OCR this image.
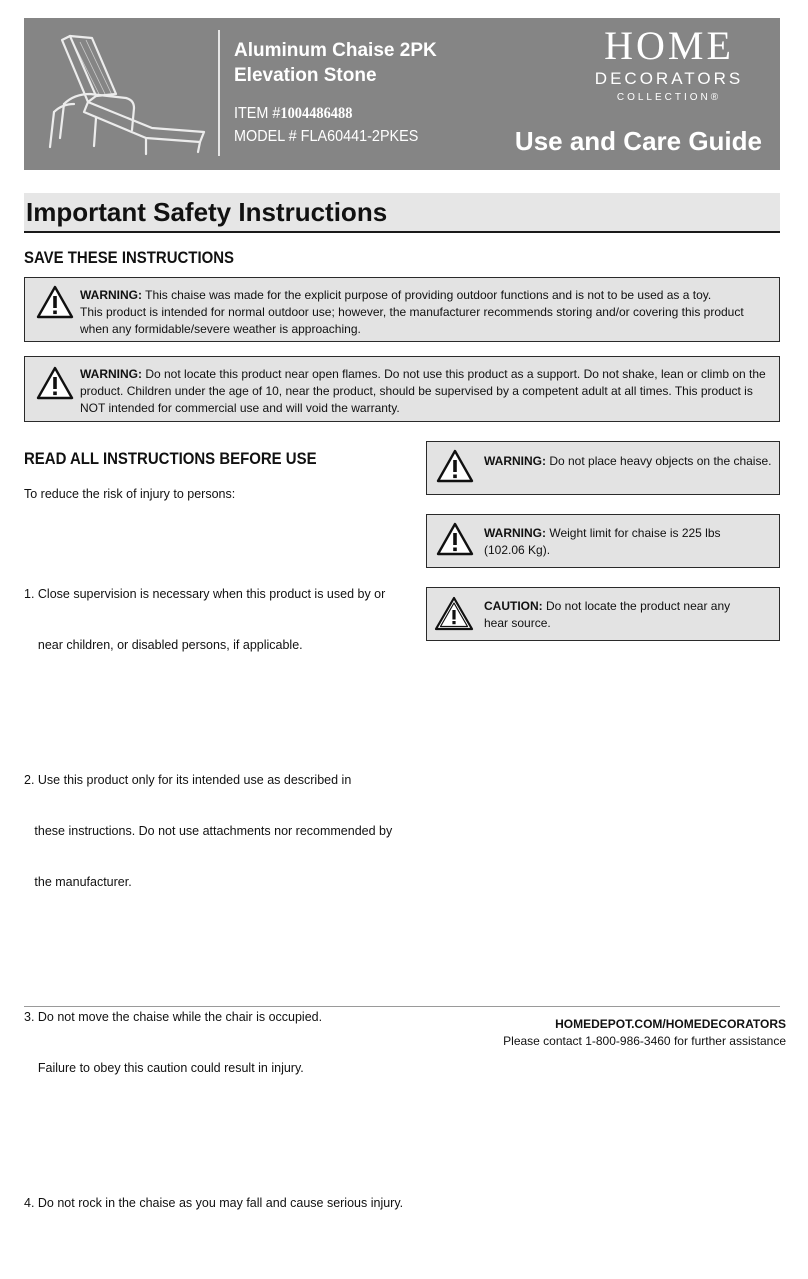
Aluminum Chaise 2PK
Elevation Stone
ITEM #1004486488
MODEL # FLA60441-2PKES
HOME
DECORATORS
COLLECTION®
Use and Care Guide
Important Safety Instructions
SAVE THESE INSTRUCTIONS
WARNING: This chaise was made for the explicit purpose of providing outdoor functions and is not to be used as a toy.
This product is intended for normal outdoor use; however, the manufacturer recommends storing and/or covering this product
when any formidable/severe weather is approaching.
WARNING: Do not locate this product near open flames. Do not use this product as a support. Do not shake, lean or climb on the
product. Children under the age of 10, near the product, should be supervised by a competent adult at all times. This product is
NOT intended for commercial use and will void the warranty.
READ ALL INSTRUCTIONS BEFORE USE
To reduce the risk of injury to persons:

1. Close supervision is necessary when this product is used by or

near children, or disabled persons, if applicable.

2. Use this product only for its intended use as described in

these instructions. Do not use attachments nor recommended by

the manufacturer.

3. Do not move the chaise while the chair is occupied.

Failure to obey this caution could result in injury.

4. Do not rock in the chaise as you may fall and cause serious injury.

WARNING: Do not place heavy objects on the chaise.
WARNING: Weight limit for chaise is 225 lbs
(102.06 Kg).
CAUTION: Do not locate the product near any
hear source.
HOMEDEPOT.COM/HOMEDECORATORS
Please contact 1-800-986-3460 for further assistance
